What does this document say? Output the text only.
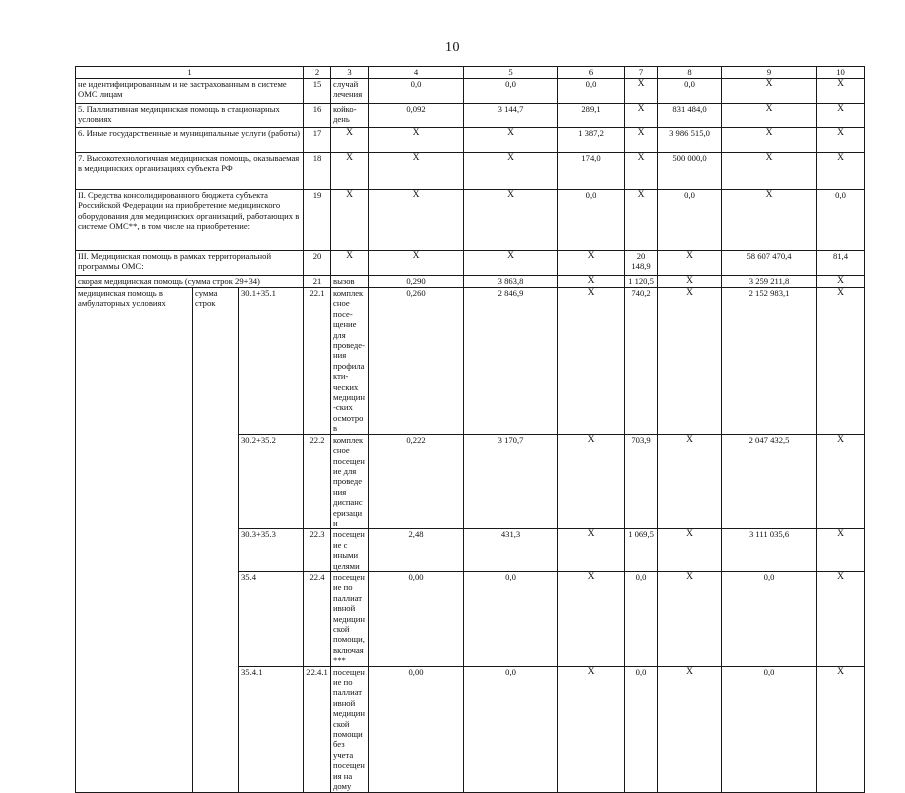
10
1			2	3	4	5	6	7	8	9	10
не идентифицированным и не застрахованным в системе ОМС лицам			15	случай лечения	0,0	0,0	0,0	X	0,0	X	X
5. Паллиативная медицинская помощь в стационарных условиях			16	койко-день	0,092	3 144,7	289,1	X	831 484,0	X	X
6. Иные государственные и муниципальные услуги (работы)			17	X	X	X	1 387,2	X	3 986 515,0	X	X
7. Высокотехнологичная медицинская помощь, оказываемая в медицинских организациях субъекта РФ			18	X	X	X	174,0	X	500 000,0	X	X
II. Средства консолидированного бюджета субъекта Российской Федерации на приобретение медицинского оборудования для медицинских организаций, работающих в системе ОМС**, в том числе на приобретение:			19	X	X	X	0,0	X	0,0	X	0,0
III. Медицинская помощь в рамках территориальной программы ОМС:			20	X	X	X	X	20 148,9	X	58 607 470,4	81,4
скорая медицинская помощь (сумма строк 29+34)			21	вызов	0,290	3 863,8	X	1 120,5	X	3 259 211,8	X
медицинская помощь в амбулаторных условиях	сумма строк	30.1+35.1	22.1	комплексное посе-щение для проведе-ния профилакти-ческих медицин-ских осмотров	0,260	2 846,9	X	740,2	X	2 152 983,1	X
		30.2+35.2	22.2	комплексное посещение для проведения диспансеризации	0,222	3 170,7	X	703,9	X	2 047 432,5	X
		30.3+35.3	22.3	посещение с иными целями	2,48	431,3	X	1 069,5	X	3 111 035,6	X
		35.4	22.4	посещение по паллиативной медицинской помощи, включая***	0,00	0,0	X	0,0	X	0,0	X
		35.4.1	22.4.1	посещение по паллиативной медицинской помощи без учета посещения на дому	0,00	0,0	X	0,0	X	0,0	X
